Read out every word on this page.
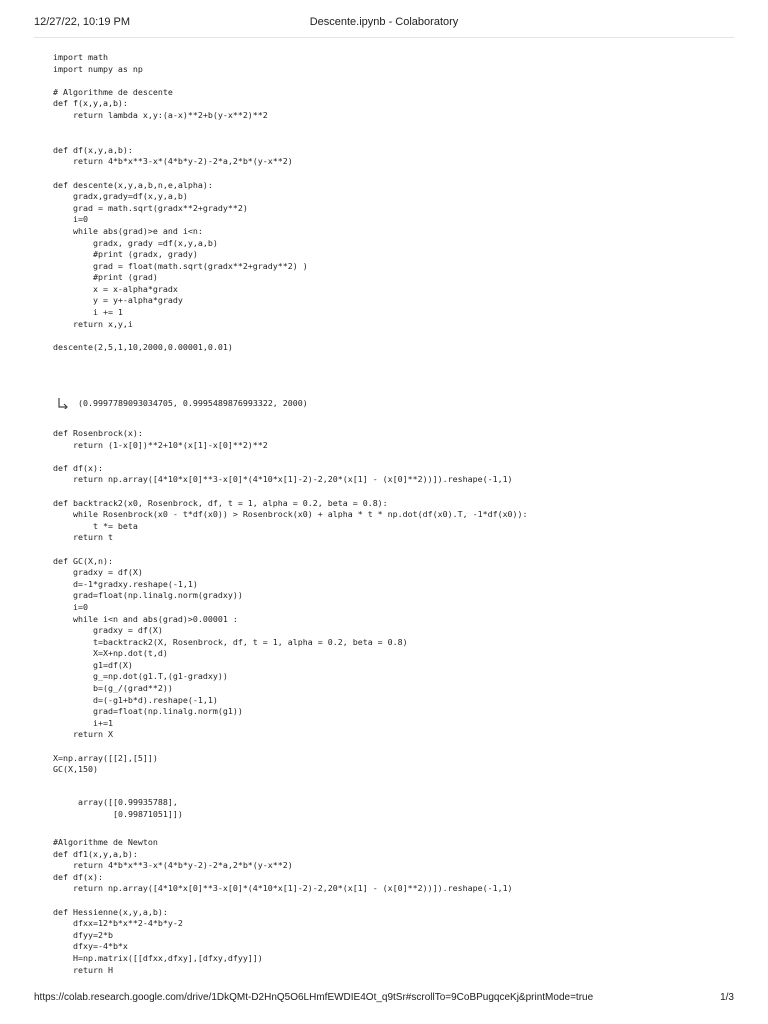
12/27/22, 10:19 PM	Descente.ipynb - Colaboratory
import math
import numpy as np

# Algorithme de descente
def f(x,y,a,b):
return lambda x,y:(a-x)**2+b(y-x**2)**2

def df(x,y,a,b):
return 4*b*x**3-x*(4*b*y-2)-2*a,2*b*(y-x**2)

def descente(x,y,a,b,n,e,alpha):
gradx,grady=df(x,y,a,b)
grad = math.sqrt(gradx**2+grady**2)
i=0
while abs(grad)>e and i<n:
gradx, grady =df(x,y,a,b)
#print (gradx, grady)
grad = float(math.sqrt(gradx**2+grady**2) )
#print (grad)
x = x-alpha*gradx
y = y+-alpha*grady
i += 1
return x,y,i

descente(2,5,1,10,2000,0.00001,0.01)
(0.9997789093034705, 0.9995489876993322, 2000)
def Rosenbrock(x):
return (1-x[0])**2+10*(x[1]-x[0]**2)**2

def df(x):
return np.array([4*10*x[0]**3-x[0]*(4*10*x[1]-2)-2,20*(x[1] - (x[0]**2))]).reshape(-1,1)

def backtrack2(x0, Rosenbrock, df, t = 1, alpha = 0.2, beta = 0.8):
while Rosenbrock(x0 - t*df(x0)) > Rosenbrock(x0) + alpha * t * np.dot(df(x0).T, -1*df(x0)):
t *= beta
return t

def GC(X,n):
gradxy = df(X)
d=-1*gradxy.reshape(-1,1)
grad=float(np.linalg.norm(gradxy))
i=0
while i<n and abs(grad)>0.00001 :
gradxy = df(X)
t=backtrack2(X, Rosenbrock, df, t = 1, alpha = 0.2, beta = 0.8)
X=X+np.dot(t,d)
g1=df(X)
g_=np.dot(g1.T,(g1-gradxy))
b=(g_/(grad**2))
d=(-g1+b*d).reshape(-1,1)
grad=float(np.linalg.norm(g1))
i+=1
return X

X=np.array([[2],[5]])
GC(X,150)
array([[0.99935788],
[0.99871051]])
#Algorithme de Newton
def df1(x,y,a,b):
return 4*b*x**3-x*(4*b*y-2)-2*a,2*b*(y-x**2)
def df(x):
return np.array([4*10*x[0]**3-x[0]*(4*10*x[1]-2)-2,20*(x[1] - (x[0]**2))]).reshape(-1,1)

def Hessienne(x,y,a,b):
dfxx=12*b*x**2-4*b*y-2
dfyy=2*b
dfxy=-4*b*x
H=np.matrix([[dfxx,dfxy],[dfxy,dfyy]])
return H
https://colab.research.google.com/drive/1DkQMt-D2HnQ5O6LHmfEWDIE4Ot_q9tSr#scrollTo=9CoBPugqceKj&printMode=true	1/3
